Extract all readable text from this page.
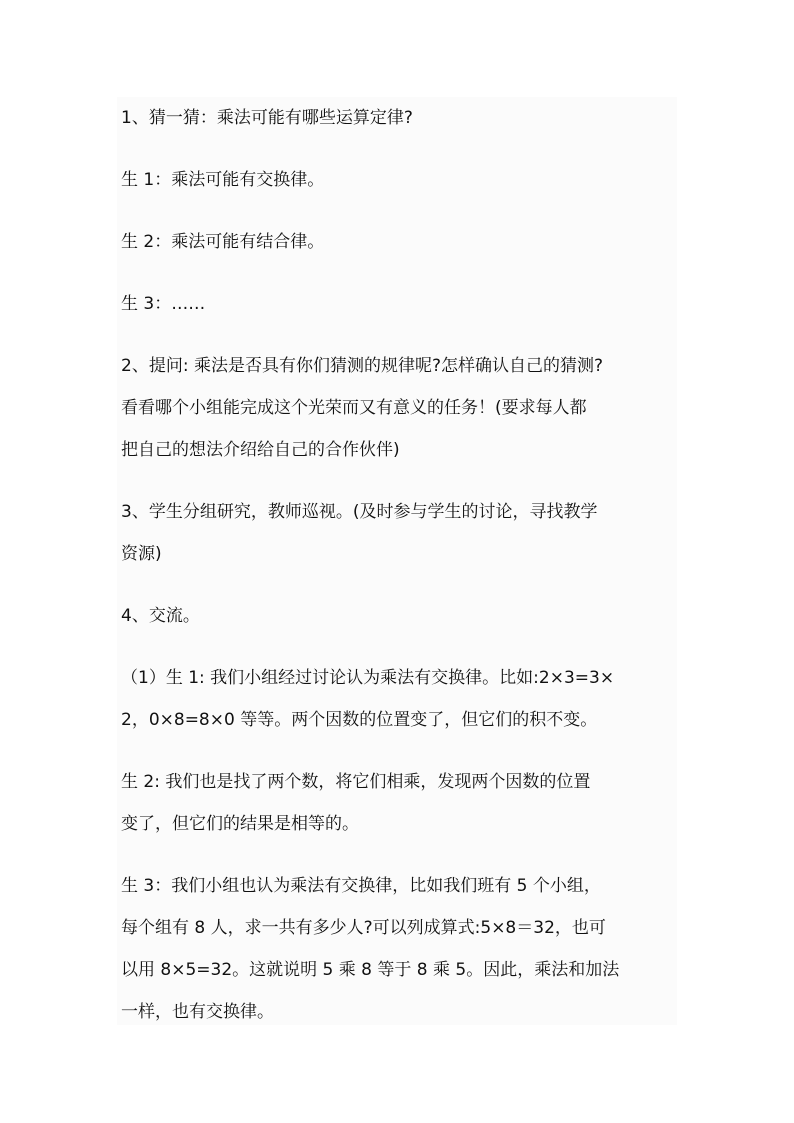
1、猜一猜：乘法可能有哪些运算定律?
生 1：乘法可能有交换律。
生 2：乘法可能有结合律。
生 3：……
2、提问: 乘法是否具有你们猜测的规律呢?怎样确认自己的猜测?
看看哪个小组能完成这个光荣而又有意义的任务！(要求每人都
把自己的想法介绍给自己的合作伙伴)
3、学生分组研究，教师巡视。(及时参与学生的讨论，寻找教学
资源)
4、交流。
（1）生 1: 我们小组经过讨论认为乘法有交换律。比如:2×3=3×
2，0×8=8×0 等等。两个因数的位置变了，但它们的积不变。
生 2: 我们也是找了两个数，将它们相乘，发现两个因数的位置
变了，但它们的结果是相等的。
生 3：我们小组也认为乘法有交换律，比如我们班有 5 个小组，
每个组有 8 人，求一共有多少人?可以列成算式:5×8＝32，也可
以用 8×5=32。这就说明 5 乘 8 等于 8 乘 5。因此，乘法和加法
一样，也有交换律。
